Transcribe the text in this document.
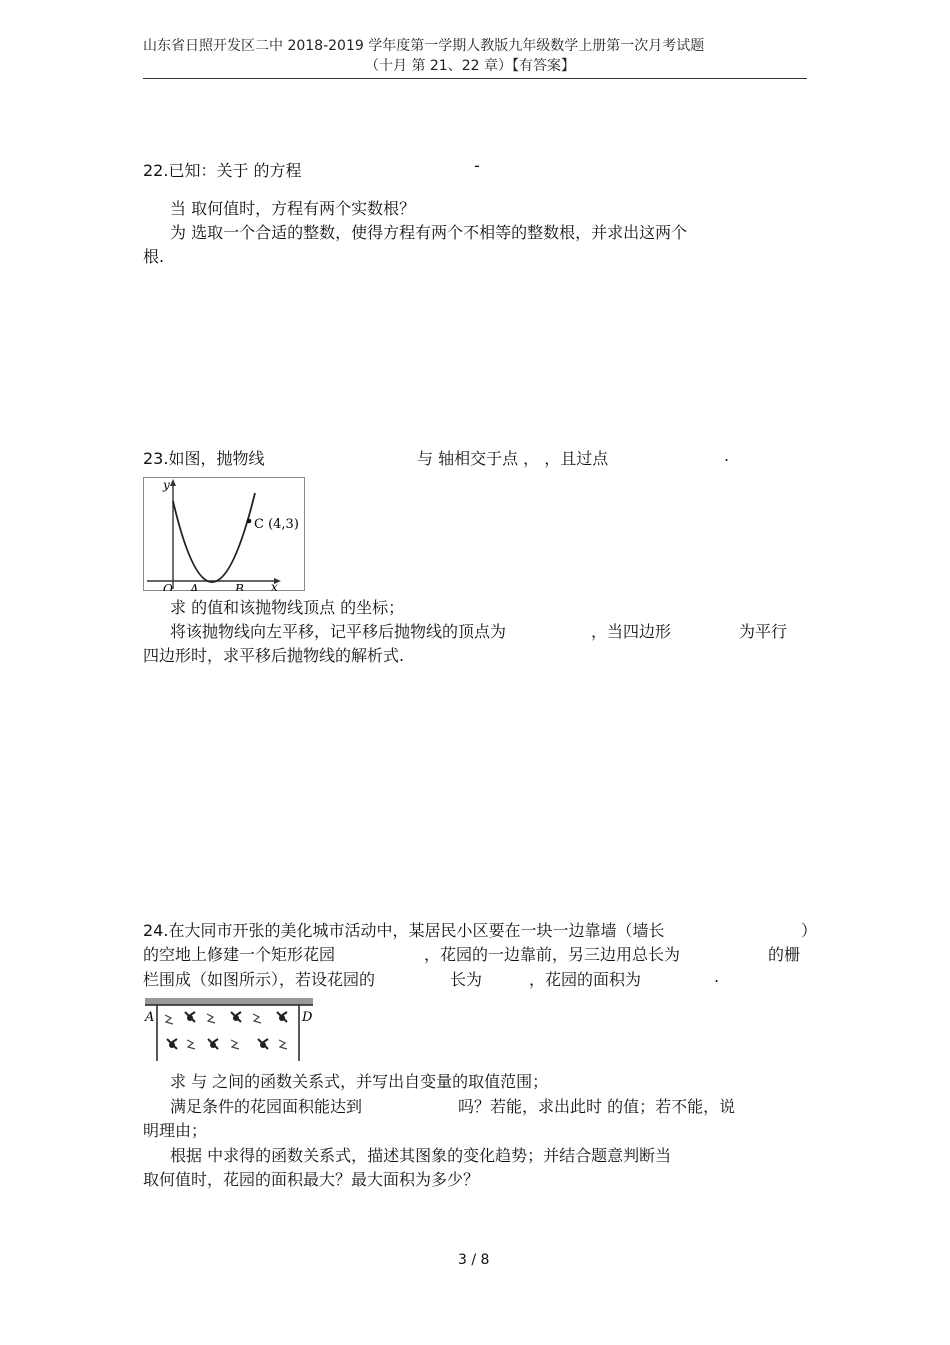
山东省日照开发区二中 2018-2019 学年度第一学期人教版九年级数学上册第一次月考试题
（十月 第 21、22 章）【有答案】
22.已知：关于 的方程	-
当 取何值时，方程有两个实数根？
为 选取一个合适的整数，使得方程有两个不相等的整数根，并求出这两个
根.
23.如图，抛物线	与 轴相交于点 ， ，且过点	.
y
x
O A	B
C (4,3)
求 的值和该抛物线顶点 的坐标；
将该抛物线向左平移，记平移后抛物线的顶点为	，当四边形	为平行
四边形时，求平移后抛物线的解析式.
24.在大同市开张的美化城市活动中，某居民小区要在一块一边靠墙（墙长	）
的空地上修建一个矩形花园	，花园的一边靠前，另三边用总长为	的栅
栏围成（如图所示），若设花园的	长为	，花园的面积为	.
A	D
求 与 之间的函数关系式，并写出自变量的取值范围；
满足条件的花园面积能达到	吗？若能，求出此时 的值；若不能，说
明理由；
根据 中求得的函数关系式，描述其图象的变化趋势；并结合题意判断当
取何值时，花园的面积最大？最大面积为多少？
3 / 8
